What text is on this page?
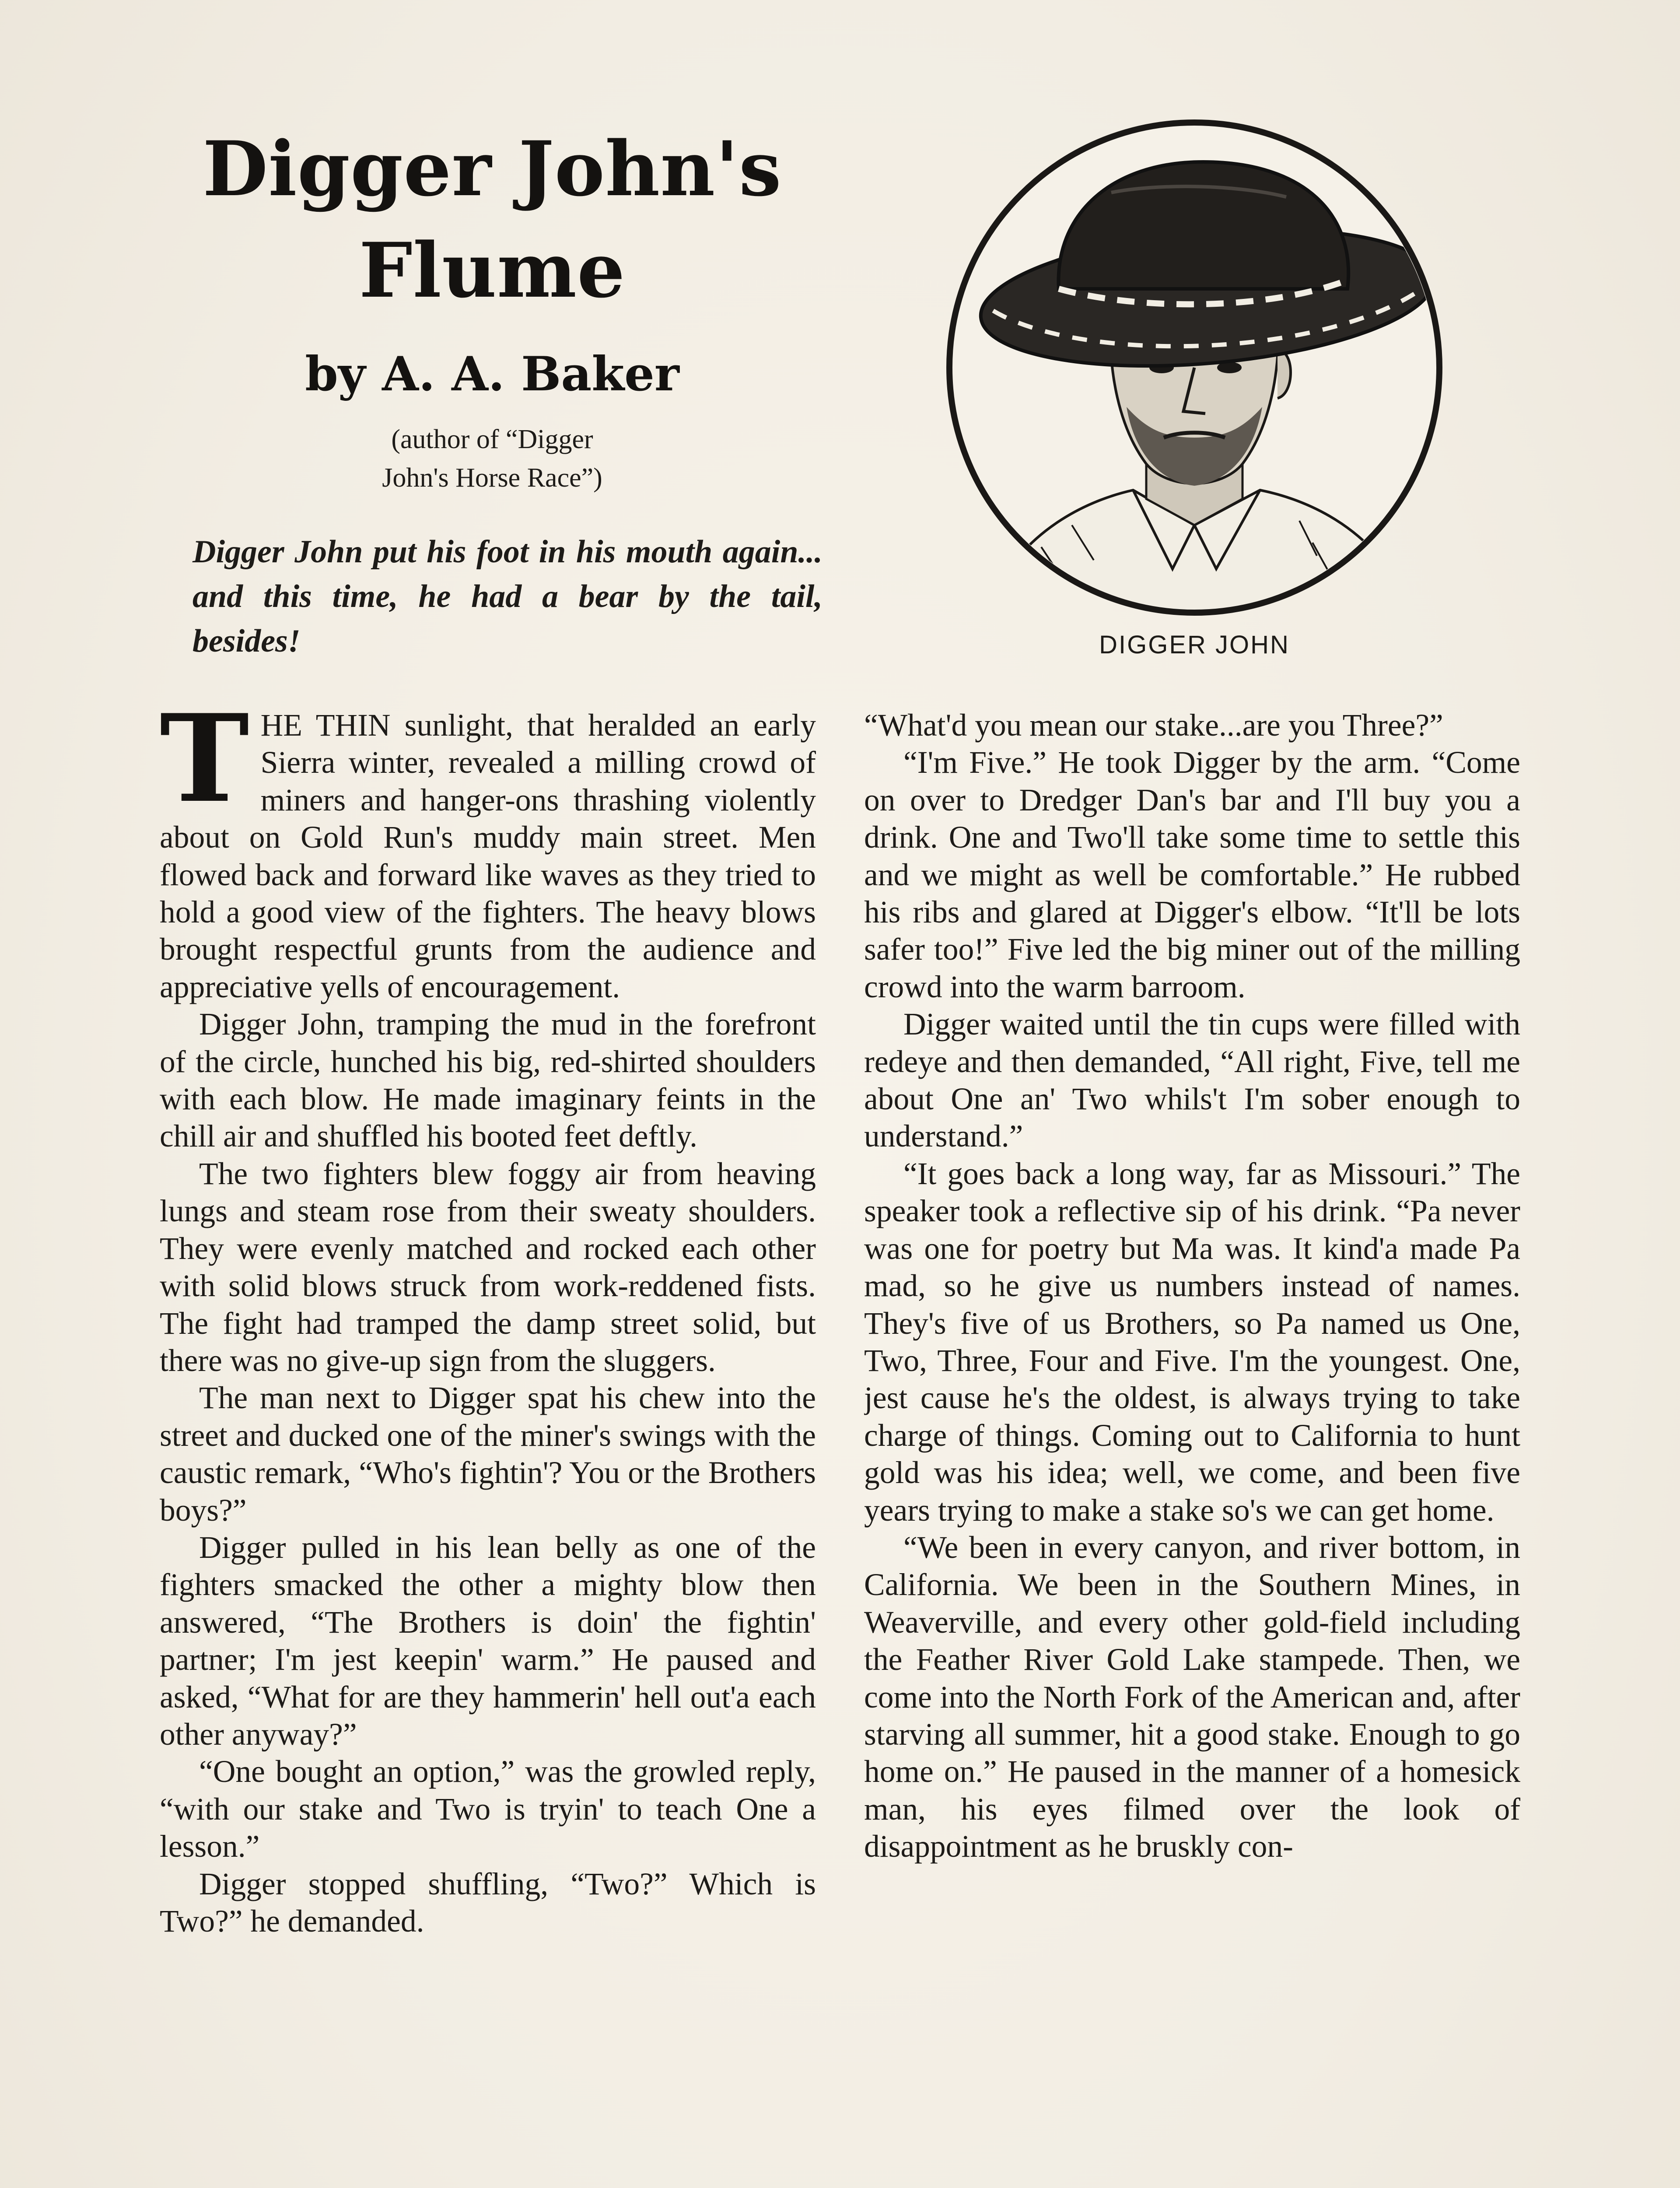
Digger John's
Flume

by A. A. Baker

(author of “Digger
John's Horse Race”)

Digger John put his foot in his mouth again... and this time, he had a bear by the tail, besides!	DIGGER JOHN

THE THIN sunlight, that heralded an early Sierra winter, revealed a milling crowd of miners and hanger-ons thrashing violently about on Gold Run's muddy main street. Men flowed back and forward like waves as they tried to hold a good view of the fighters. The heavy blows brought respectful grunts from the audience and appreciative yells of encouragement.

Digger John, tramping the mud in the forefront of the circle, hunched his big, red-shirted shoulders with each blow. He made imaginary feints in the chill air and shuffled his booted feet deftly.

The two fighters blew foggy air from heaving lungs and steam rose from their sweaty shoulders. They were evenly matched and rocked each other with solid blows struck from work-reddened fists. The fight had tramped the damp street solid, but there was no give-up sign from the sluggers.

The man next to Digger spat his chew into the street and ducked one of the miner's swings with the caustic remark, “Who's fightin'? You or the Brothers boys?”

Digger pulled in his lean belly as one of the fighters smacked the other a mighty blow then answered, “The Brothers is doin' the fightin' partner; I'm jest keepin' warm.” He paused and asked, “What for are they hammerin' hell out'a each other anyway?”

“One bought an option,” was the growled reply, “with our stake and Two is tryin' to teach One a lesson.”

Digger stopped shuffling, “Two?” Which is Two?” he demanded.

“What'd you mean our stake...are you Three?”

“I'm Five.” He took Digger by the arm. “Come on over to Dredger Dan's bar and I'll buy you a drink. One and Two'll take some time to settle this and we might as well be comfortable.” He rubbed his ribs and glared at Digger's elbow. “It'll be lots safer too!” Five led the big miner out of the milling crowd into the warm barroom.

Digger waited until the tin cups were filled with redeye and then demanded, “All right, Five, tell me about One an' Two whils't I'm sober enough to understand.”

“It goes back a long way, far as Missouri.” The speaker took a reflective sip of his drink. “Pa never was one for poetry but Ma was. It kind'a made Pa mad, so he give us numbers instead of names. They's five of us Brothers, so Pa named us One, Two, Three, Four and Five. I'm the youngest. One, jest cause he's the oldest, is always trying to take charge of things. Coming out to California to hunt gold was his idea; well, we come, and been five years trying to make a stake so's we can get home.

“We been in every canyon, and river bottom, in California. We been in the Southern Mines, in Weaverville, and every other gold-field including the Feather River Gold Lake stampede. Then, we come into the North Fork of the American and, after starving all summer, hit a good stake. Enough to go home on.” He paused in the manner of a homesick man, his eyes filmed over the look of disappointment as he bruskly con-
